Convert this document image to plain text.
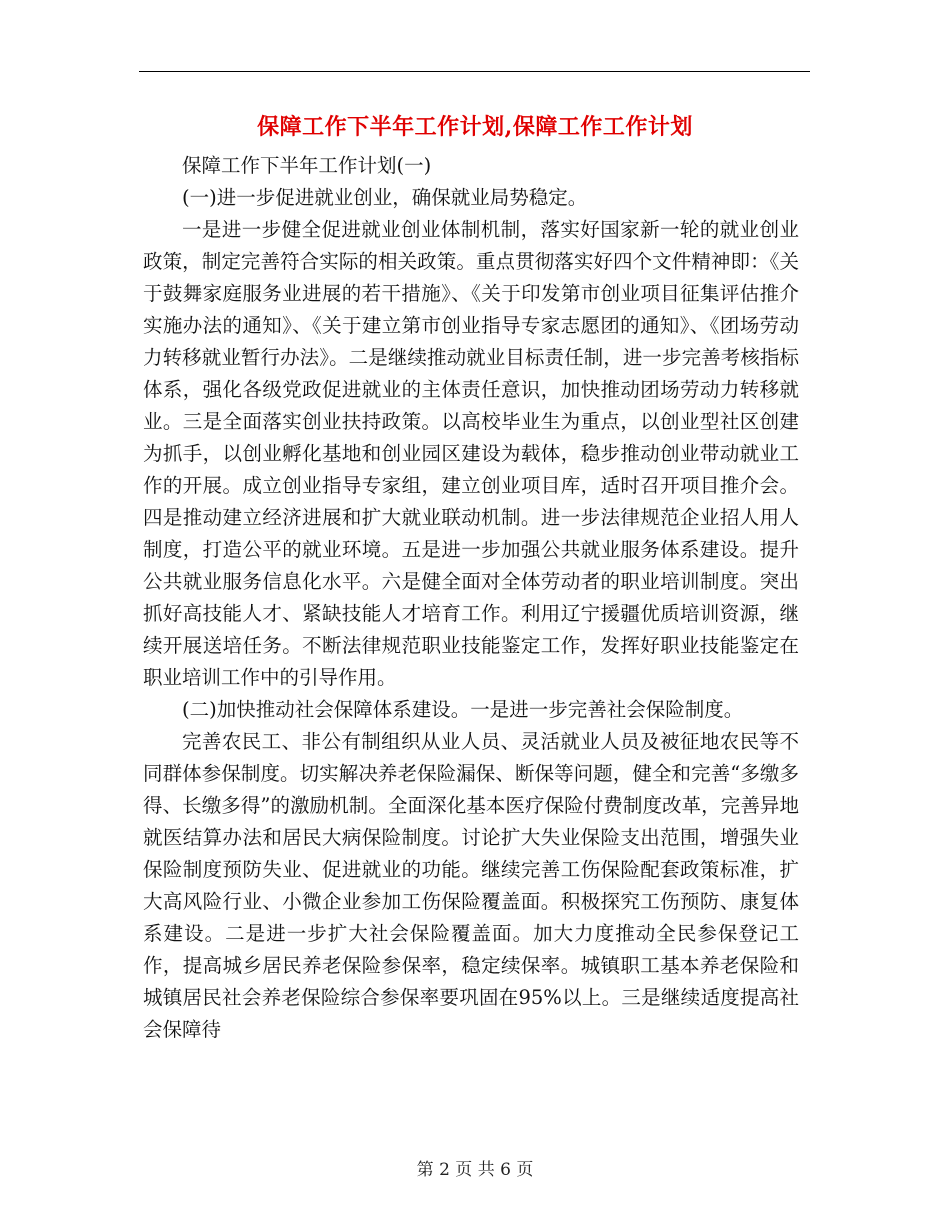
保障工作下半年工作计划,保障工作工作计划

保障工作下半年工作计划(一)

(一)进一步促进就业创业，确保就业局势稳定。

一是进一步健全促进就业创业体制机制，落实好国家新一轮的就业创业政策，制定完善符合实际的相关政策。重点贯彻落实好四个文件精神即：《关于鼓舞家庭服务业进展的若干措施》、《关于印发第市创业项目征集评估推介实施办法的通知》、《关于建立第市创业指导专家志愿团的通知》、《团场劳动力转移就业暂行办法》。二是继续推动就业目标责任制，进一步完善考核指标体系，强化各级党政促进就业的主体责任意识，加快推动团场劳动力转移就业。三是全面落实创业扶持政策。以高校毕业生为重点，以创业型社区创建为抓手，以创业孵化基地和创业园区建设为载体，稳步推动创业带动就业工作的开展。成立创业指导专家组，建立创业项目库，适时召开项目推介会。四是推动建立经济进展和扩大就业联动机制。进一步法律规范企业招人用人制度，打造公平的就业环境。五是进一步加强公共就业服务体系建设。提升公共就业服务信息化水平。六是健全面对全体劳动者的职业培训制度。突出抓好高技能人才、紧缺技能人才培育工作。利用辽宁援疆优质培训资源，继续开展送培任务。不断法律规范职业技能鉴定工作，发挥好职业技能鉴定在职业培训工作中的引导作用。

(二)加快推动社会保障体系建设。一是进一步完善社会保险制度。

完善农民工、非公有制组织从业人员、灵活就业人员及被征地农民等不同群体参保制度。切实解决养老保险漏保、断保等问题，健全和完善“多缴多得、长缴多得”的激励机制。全面深化基本医疗保险付费制度改革，完善异地就医结算办法和居民大病保险制度。讨论扩大失业保险支出范围，增强失业保险制度预防失业、促进就业的功能。继续完善工伤保险配套政策标准，扩大高风险行业、小微企业参加工伤保险覆盖面。积极探究工伤预防、康复体系建设。二是进一步扩大社会保险覆盖面。加大力度推动全民参保登记工作，提高城乡居民养老保险参保率，稳定续保率。城镇职工基本养老保险和城镇居民社会养老保险综合参保率要巩固在95%以上。三是继续适度提高社会保障待

第 2 页 共 6 页
